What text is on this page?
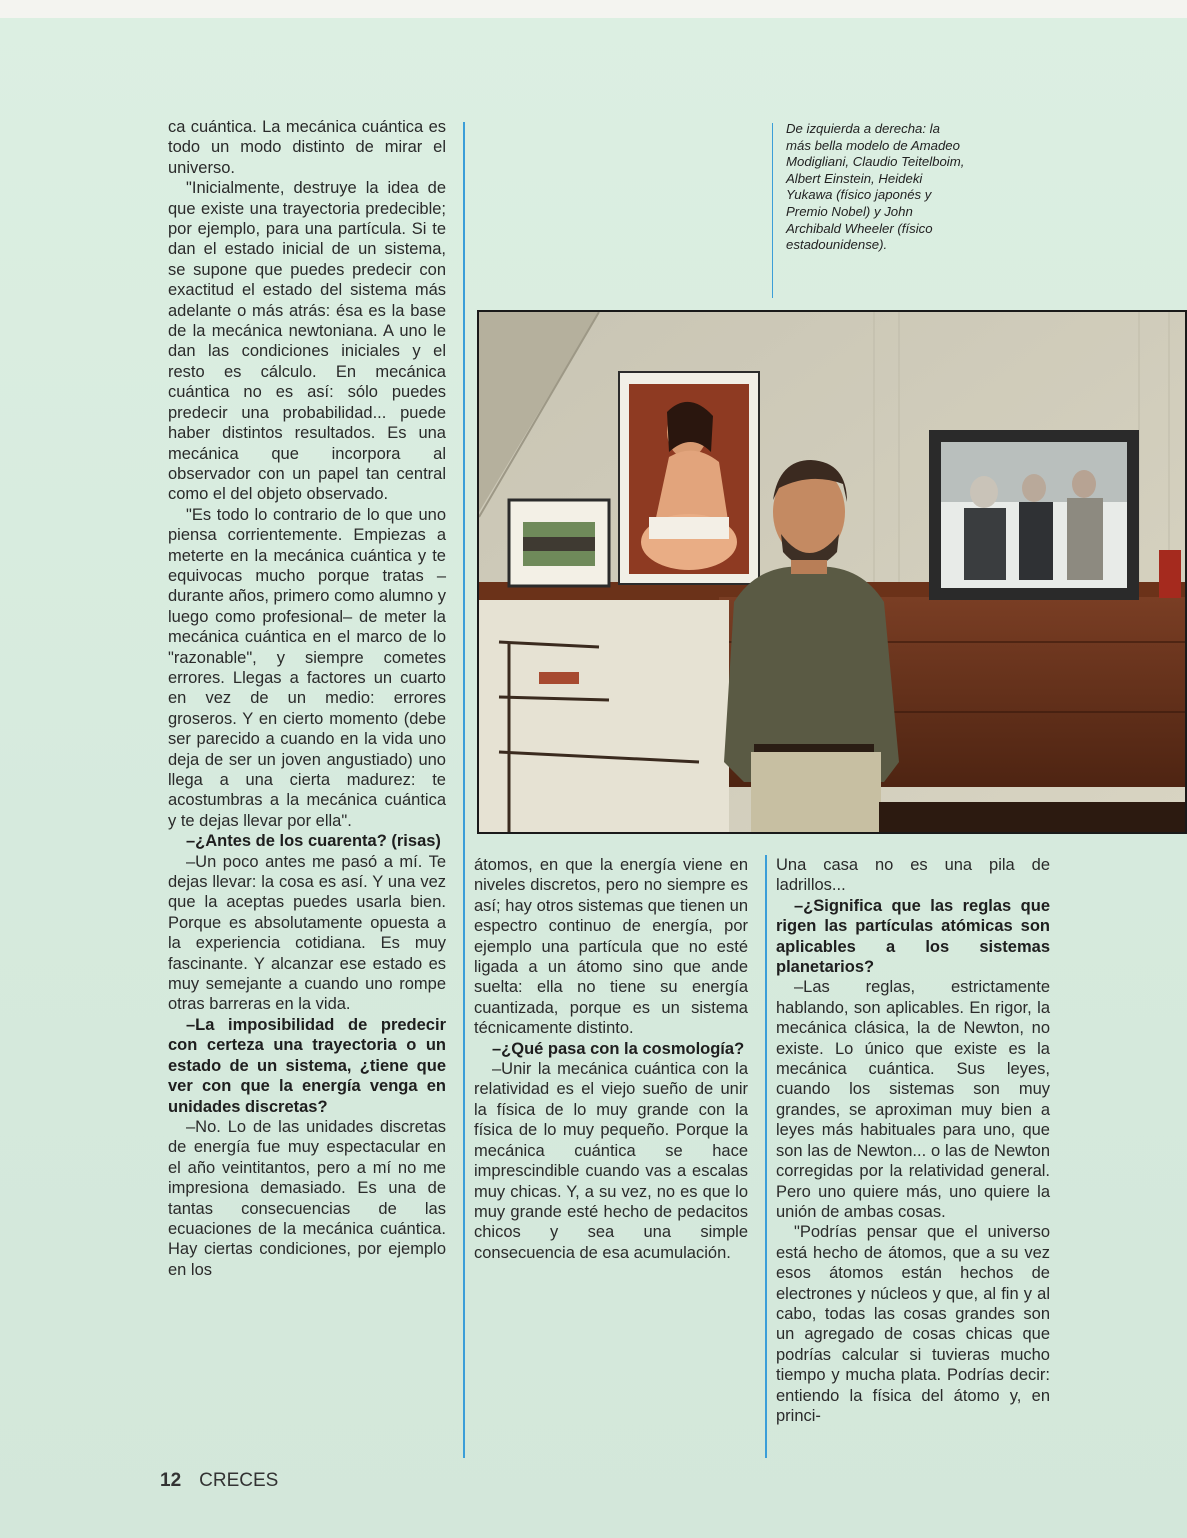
ca cuántica. La mecánica cuántica es todo un modo distinto de mirar el universo.

"Inicialmente, destruye la idea de que existe una trayectoria predecible; por ejemplo, para una partícula. Si te dan el estado inicial de un sistema, se supone que puedes predecir con exactitud el estado del sistema más adelante o más atrás: ésa es la base de la mecánica newtoniana. A uno le dan las condiciones iniciales y el resto es cálculo. En mecánica cuántica no es así: sólo puedes predecir una probabilidad... puede haber distintos resultados. Es una mecánica que incorpora al observador con un papel tan central como el del objeto observado.

"Es todo lo contrario de lo que uno piensa corrientemente. Empiezas a meterte en la mecánica cuántica y te equivocas mucho porque tratas –durante años, primero como alumno y luego como profesional– de meter la mecánica cuántica en el marco de lo "razonable", y siempre cometes errores. Llegas a factores un cuarto en vez de un medio: errores groseros. Y en cierto momento (debe ser parecido a cuando en la vida uno deja de ser un joven angustiado) uno llega a una cierta madurez: te acostumbras a la mecánica cuántica y te dejas llevar por ella".

–¿Antes de los cuarenta? (risas)

–Un poco antes me pasó a mí. Te dejas llevar: la cosa es así. Y una vez que la aceptas puedes usarla bien. Porque es absolutamente opuesta a la experiencia cotidiana. Es muy fascinante. Y alcanzar ese estado es muy semejante a cuando uno rompe otras barreras en la vida.

–La imposibilidad de predecir con certeza una trayectoria o un estado de un sistema, ¿tiene que ver con que la energía venga en unidades discretas?

–No. Lo de las unidades discretas de energía fue muy espectacular en el año veintitantos, pero a mí no me impresiona demasiado. Es una de tantas consecuencias de las ecuaciones de la mecánica cuántica. Hay ciertas condiciones, por ejemplo en los

átomos, en que la energía viene en niveles discretos, pero no siempre es así; hay otros sistemas que tienen un espectro continuo de energía, por ejemplo una partícula que no esté ligada a un átomo sino que ande suelta: ella no tiene su energía cuantizada, porque es un sistema técnicamente distinto.

–¿Qué pasa con la cosmología?

–Unir la mecánica cuántica con la relatividad es el viejo sueño de unir la física de lo muy grande con la física de lo muy pequeño. Porque la mecánica cuántica se hace imprescindible cuando vas a escalas muy chicas. Y, a su vez, no es que lo muy grande esté hecho de pedacitos chicos y sea una simple consecuencia de esa acumulación.

Una casa no es una pila de ladrillos...

–¿Significa que las reglas que rigen las partículas atómicas son aplicables a los sistemas planetarios?

–Las reglas, estrictamente hablando, son aplicables. En rigor, la mecánica clásica, la de Newton, no existe. Lo único que existe es la mecánica cuántica. Sus leyes, cuando los sistemas son muy grandes, se aproximan muy bien a leyes más habituales para uno, que son las de Newton... o las de Newton corregidas por la relatividad general. Pero uno quiere más, uno quiere la unión de ambas cosas.

"Podrías pensar que el universo está hecho de átomos, que a su vez esos átomos están hechos de electrones y núcleos y que, al fin y al cabo, todas las cosas grandes son un agregado de cosas chicas que podrías calcular si tuvieras mucho tiempo y mucha plata. Podrías decir: entiendo la física del átomo y, en princi-

De izquierda a derecha: la más bella modelo de Amadeo Modigliani, Claudio Teitelboim, Albert Einstein, Heideki Yukawa (físico japonés y Premio Nobel) y John Archibald Wheeler (físico estadounidense).
12 CRECES
